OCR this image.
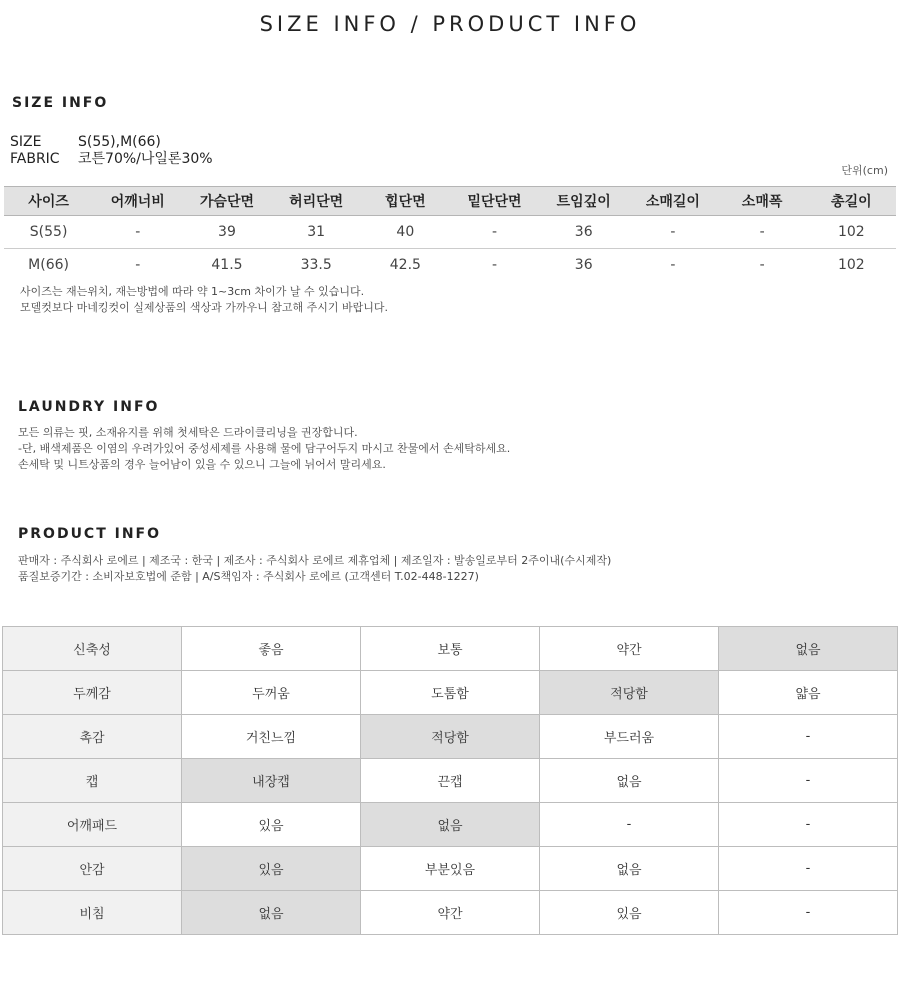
SIZE INFO / PRODUCT INFO
SIZE INFO
SIZE	S(55),M(66)
FABRIC 코튼70%/나일론30%
단위(cm)
사이즈	어깨너비	가슴단면	허리단면	힙단면	밑단단면	트임깊이	소매길이	소매폭	총길이
S(55)	-	39	31	40	-	36	-	-	102
M(66)	-	41.5	33.5	42.5	-	36	-	-	102
사이즈는 재는위치, 재는방법에 따라 약 1~3cm 차이가 날 수 있습니다.
모델컷보다 마네킹컷이 실제상품의 색상과 가까우니 참고해 주시기 바랍니다.
LAUNDRY INFO
모든 의류는 핏, 소재유지를 위해 첫세탁은 드라이클리닝을 권장합니다.
-단, 배색제품은 이염의 우려가있어 중성세제를 사용해 물에 담구어두지 마시고 찬물에서 손세탁하세요.
손세탁 및 니트상품의 경우 늘어남이 있을 수 있으니 그늘에 뉘어서 말리세요.
PRODUCT INFO
판매자 : 주식회사 로에르 | 제조국 : 한국 | 제조사 : 주식회사 로에르 제휴업체 | 제조일자 : 발송일로부터 2주이내(수시제작)
품질보증기간 : 소비자보호법에 준함 | A/S책임자 : 주식회사 로에르 (고객센터 T.02-448-1227)
신축성	좋음	보통	약간	없음
두께감	두꺼움	도톰함	적당함	얇음
촉감	거친느낌	적당함	부드러움	-
캡	내장캡	끈캡	없음	-
어깨패드	있음	없음	-	-
안감	있음	부분있음	없음	-
비침	없음	약간	있음	-
